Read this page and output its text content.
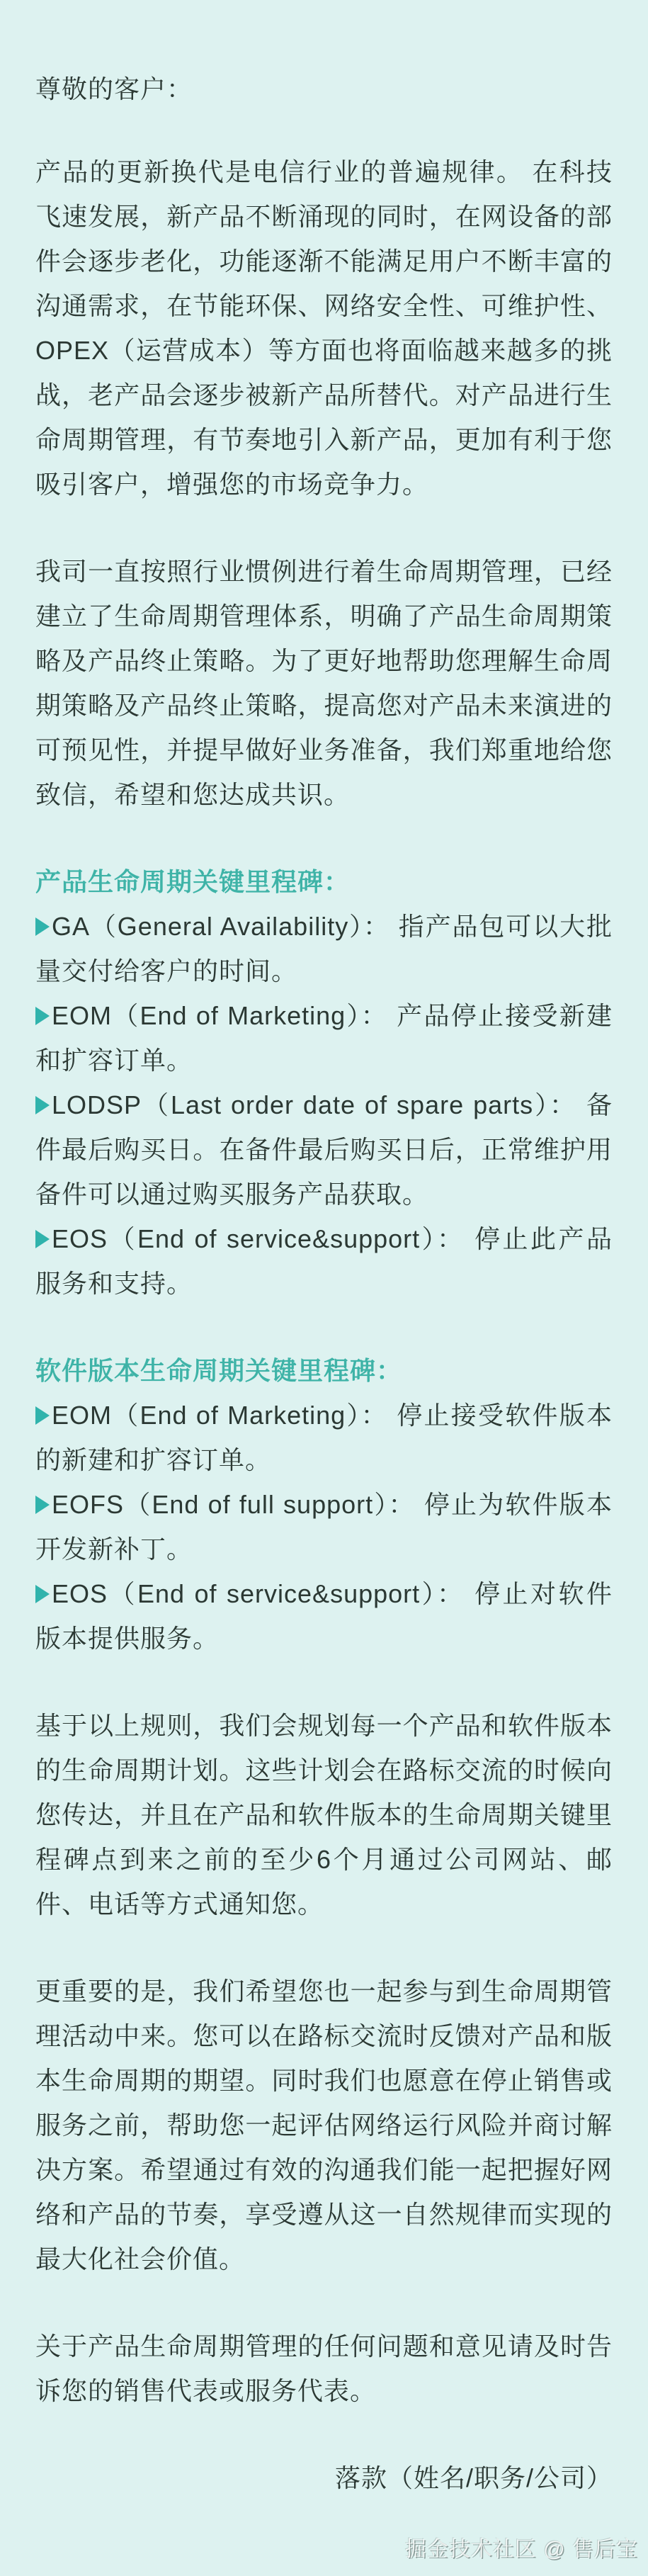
尊敬的客户：

产品的更新换代是电信行业的普遍规律。 在科技飞速发展，新产品不断涌现的同时，在网设备的部件会逐步老化，功能逐渐不能满足用户不断丰富的沟通需求，在节能环保、网络安全性、可维护性、OPEX（运营成本）等方面也将面临越来越多的挑战，老产品会逐步被新产品所替代。对产品进行生命周期管理，有节奏地引入新产品，更加有利于您吸引客户，增强您的市场竞争力。

我司一直按照行业惯例进行着生命周期管理，已经建立了生命周期管理体系，明确了产品生命周期策略及产品终止策略。为了更好地帮助您理解生命周期策略及产品终止策略，提高您对产品未来演进的可预见性，并提早做好业务准备，我们郑重地给您致信，希望和您达成共识。

产品生命周期关键里程碑：

GA（General Availability）： 指产品包可以大批量交付给客户的时间。

EOM（End of Marketing）： 产品停止接受新建和扩容订单。

LODSP（Last order date of spare parts）： 备件最后购买日。在备件最后购买日后，正常维护用备件可以通过购买服务产品获取。

EOS（End of service&support）： 停止此产品服务和支持。

软件版本生命周期关键里程碑：

EOM（End of Marketing）： 停止接受软件版本的新建和扩容订单。

EOFS（End of full support）： 停止为软件版本开发新补丁。

EOS（End of service&support）： 停止对软件版本提供服务。

基于以上规则，我们会规划每一个产品和软件版本的生命周期计划。这些计划会在路标交流的时候向您传达，并且在产品和软件版本的生命周期关键里程碑点到来之前的至少6个月通过公司网站、邮件、电话等方式通知您。

更重要的是，我们希望您也一起参与到生命周期管理活动中来。您可以在路标交流时反馈对产品和版本生命周期的期望。同时我们也愿意在停止销售或服务之前，帮助您一起评估网络运行风险并商讨解决方案。希望通过有效的沟通我们能一起把握好网络和产品的节奏，享受遵从这一自然规律而实现的最大化社会价值。

关于产品生命周期管理的任何问题和意见请及时告诉您的销售代表或服务代表。

落款（姓名/职务/公司）

掘金技术社区 @ 售后宝
